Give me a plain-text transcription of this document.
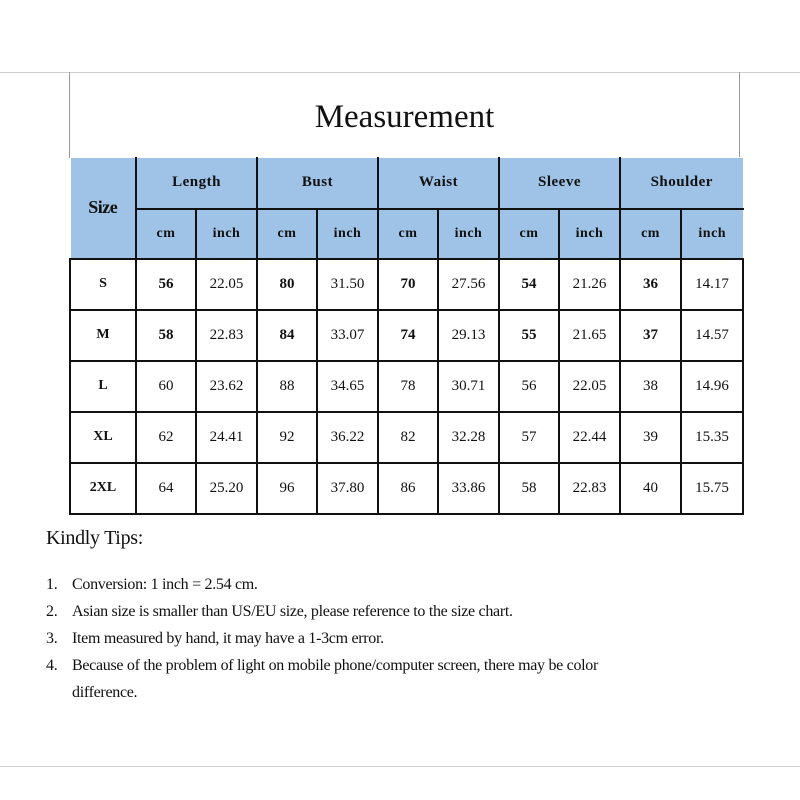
Measurement
Size	Length		Bust		Waist		Sleeve		Shoulder	
	cm	inch	cm	inch	cm	inch	cm	inch	cm	inch
S	56	22.05	80	31.50	70	27.56	54	21.26	36	14.17
M	58	22.83	84	33.07	74	29.13	55	21.65	37	14.57
L	60	23.62	88	34.65	78	30.71	56	22.05	38	14.96
XL	62	24.41	92	36.22	82	32.28	57	22.44	39	15.35
2XL	64	25.20	96	37.80	86	33.86	58	22.83	40	15.75
Kindly Tips:
1. Conversion: 1 inch = 2.54 cm.
2. Asian size is smaller than US/EU size, please reference to the size chart.
3. Item measured by hand, it may have a 1-3cm error.
4. Because of the problem of light on mobile phone/computer screen, there may be color difference.
